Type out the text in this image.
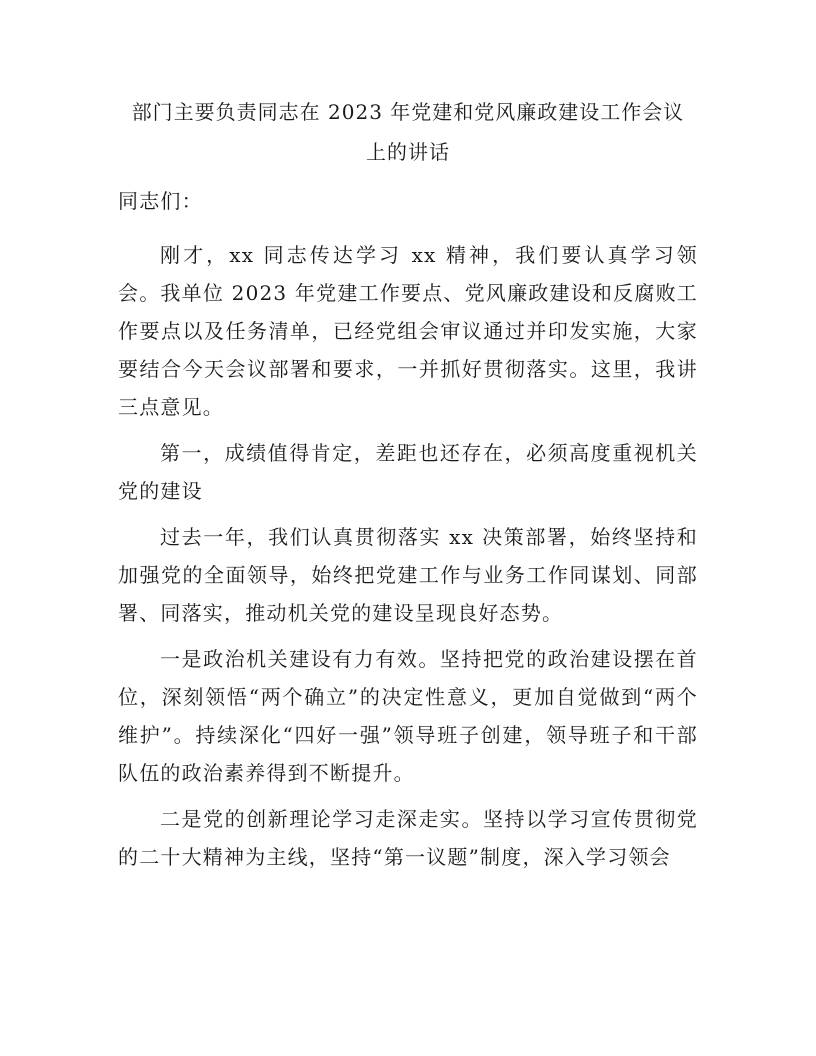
部门主要负责同志在 2023 年党建和党风廉政建设工作会议
上的讲话

同志们：

刚才，xx 同志传达学习 xx 精神，我们要认真学习领会。我单位 2023 年党建工作要点、党风廉政建设和反腐败工作要点以及任务清单，已经党组会审议通过并印发实施，大家要结合今天会议部署和要求，一并抓好贯彻落实。这里，我讲三点意见。

第一，成绩值得肯定，差距也还存在，必须高度重视机关党的建设

过去一年，我们认真贯彻落实 xx 决策部署，始终坚持和加强党的全面领导，始终把党建工作与业务工作同谋划、同部署、同落实，推动机关党的建设呈现良好态势。

一是政治机关建设有力有效。坚持把党的政治建设摆在首位，深刻领悟“两个确立”的决定性意义，更加自觉做到“两个维护”。持续深化“四好一强”领导班子创建，领导班子和干部队伍的政治素养得到不断提升。

二是党的创新理论学习走深走实。坚持以学习宣传贯彻党的二十大精神为主线，坚持“第一议题”制度，深入学习领会
